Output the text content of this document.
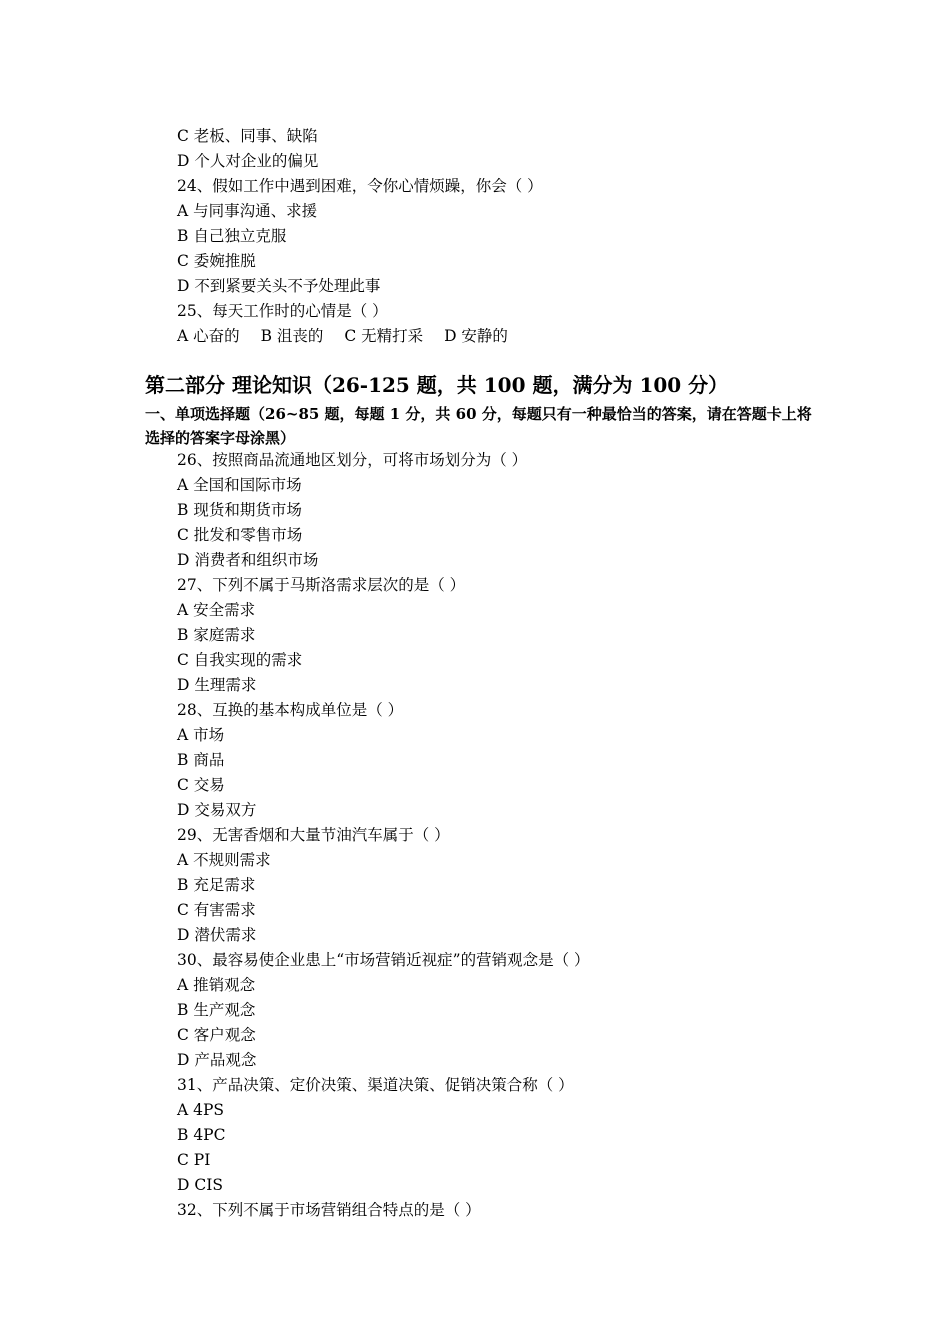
C 老板、同事、缺陷
D 个人对企业的偏见
24、假如工作中遇到困难，令你心情烦躁，你会（ ）
A 与同事沟通、求援
B 自己独立克服
C 委婉推脱
D 不到紧要关头不予处理此事
25、每天工作时的心情是（ ）
A 心奋的 B 沮丧的 C 无精打采 D 安静的
第二部分 理论知识（26-125 题，共 100 题，满分为 100 分）
一、单项选择题（26~85 题，每题 1 分，共 60 分，每题只有一种最恰当的答案，请在答题卡上将选择的答案字母涂黑）
26、按照商品流通地区划分，可将市场划分为（ ）
A 全国和国际市场
B 现货和期货市场
C 批发和零售市场
D 消费者和组织市场
27、下列不属于马斯洛需求层次的是（ ）
A 安全需求
B 家庭需求
C 自我实现的需求
D 生理需求
28、互换的基本构成单位是（ ）
A 市场
B 商品
C 交易
D 交易双方
29、无害香烟和大量节油汽车属于（ ）
A 不规则需求
B 充足需求
C 有害需求
D 潜伏需求
30、最容易使企业患上“市场营销近视症”的营销观念是（ ）
A 推销观念
B 生产观念
C 客户观念
D 产品观念
31、产品决策、定价决策、渠道决策、促销决策合称（ ）
A 4PS
B 4PC
C PI
D CIS
32、下列不属于市场营销组合特点的是（ ）
